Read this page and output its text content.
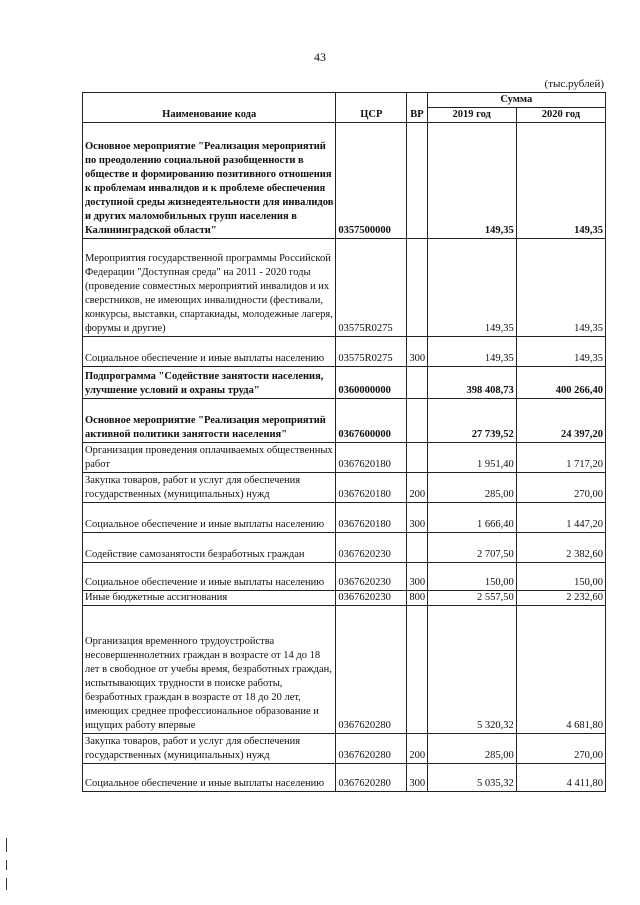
43
(тыс.рублей)
Наименование кода	ЦСР	ВР	Сумма	
			2019 год	2020 год
Основное мероприятие "Реализация мероприятий по преодолению социальной разобщенности в обществе и формированию позитивного отношения к проблемам инвалидов и к проблеме обеспечения доступной среды жизнедеятельности для инвалидов и других маломобильных групп населения в Калининградской области"	0357500000		149,35	149,35
Мероприятия государственной программы Российской Федерации "Доступная среда" на 2011 - 2020 годы (проведение совместных мероприятий инвалидов и их сверстников, не имеющих инвалидности (фестивали, конкурсы, выставки, спартакиады, молодежные лагеря, форумы и другие)	03575R0275		149,35	149,35
Социальное обеспечение и иные выплаты населению	03575R0275	300	149,35	149,35
Подпрограмма "Содействие занятости населения, улучшение условий и охраны труда"	0360000000		398 408,73	400 266,40
Основное мероприятие "Реализация мероприятий активной политики занятости населения"	0367600000		27 739,52	24 397,20
Организация проведения оплачиваемых общественных работ	0367620180		1 951,40	1 717,20
Закупка товаров, работ и услуг для обеспечения государственных (муниципальных) нужд	0367620180	200	285,00	270,00
Социальное обеспечение и иные выплаты населению	0367620180	300	1 666,40	1 447,20
Содействие самозанятости безработных граждан	0367620230		2 707,50	2 382,60
Социальное обеспечение и иные выплаты населению	0367620230	300	150,00	150,00
Иные бюджетные ассигнования	0367620230	800	2 557,50	2 232,60
Организация временного трудоустройства несовершеннолетних граждан в возрасте от 14 до 18 лет в свободное от учебы время, безработных граждан, испытывающих трудности в поиске работы, безработных граждан в возрасте от 18 до 20 лет, имеющих среднее профессиональное образование и ищущих работу впервые	0367620280		5 320,32	4 681,80
Закупка товаров, работ и услуг для обеспечения государственных (муниципальных) нужд	0367620280	200	285,00	270,00
Социальное обеспечение и иные выплаты населению	0367620280	300	5 035,32	4 411,80
